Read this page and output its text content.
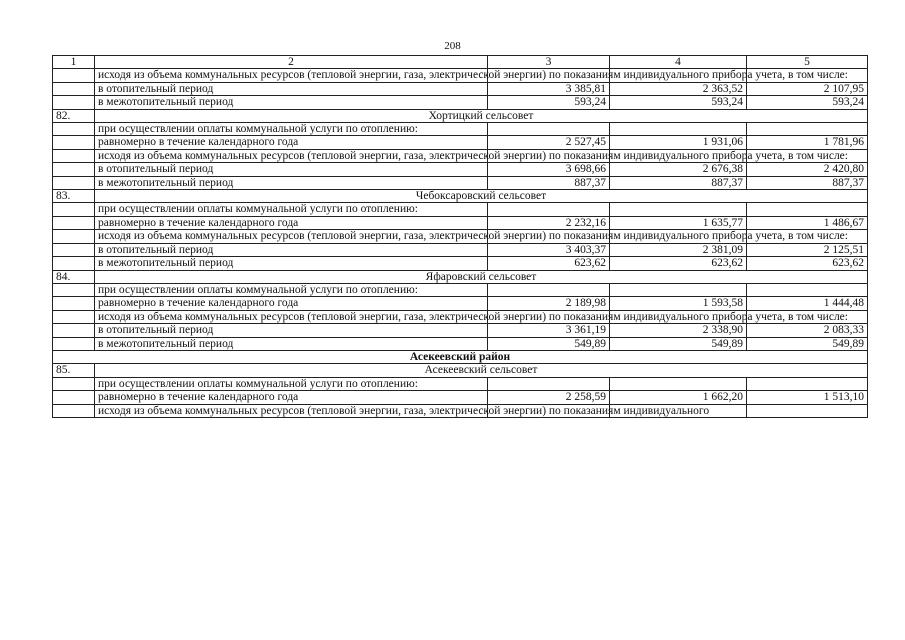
208
1	2	3	4	5
	исходя из объема коммунальных ресурсов (тепловой энергии, газа, электрической энергии) по показаниям индивидуального прибора учета, в том числе:			
	в отопительный период	3 385,81	2 363,52	2 107,95
	в межотопительный период	593,24	593,24	593,24
82.	Хортицкий сельсовет			
	при осуществлении оплаты коммунальной услуги по отоплению:			
	равномерно в течение календарного года	2 527,45	1 931,06	1 781,96
	исходя из объема коммунальных ресурсов (тепловой энергии, газа, электрической энергии) по показаниям индивидуального прибора учета, в том числе:			
	в отопительный период	3 698,66	2 676,38	2 420,80
	в межотопительный период	887,37	887,37	887,37
83.	Чебоксаровский сельсовет			
	при осуществлении оплаты коммунальной услуги по отоплению:			
	равномерно в течение календарного года	2 232,16	1 635,77	1 486,67
	исходя из объема коммунальных ресурсов (тепловой энергии, газа, электрической энергии) по показаниям индивидуального прибора учета, в том числе:			
	в отопительный период	3 403,37	2 381,09	2 125,51
	в межотопительный период	623,62	623,62	623,62
84.	Яфаровский сельсовет			
	при осуществлении оплаты коммунальной услуги по отоплению:			
	равномерно в течение календарного года	2 189,98	1 593,58	1 444,48
	исходя из объема коммунальных ресурсов (тепловой энергии, газа, электрической энергии) по показаниям индивидуального прибора учета, в том числе:			
	в отопительный период	3 361,19	2 338,90	2 083,33
	в межотопительный период	549,89	549,89	549,89
Асекеевский район				
85.	Асекеевский сельсовет			
	при осуществлении оплаты коммунальной услуги по отоплению:			
	равномерно в течение календарного года	2 258,59	1 662,20	1 513,10
	исходя из объема коммунальных ресурсов (тепловой энергии, газа, электрической энергии) по показаниям индивидуального			
